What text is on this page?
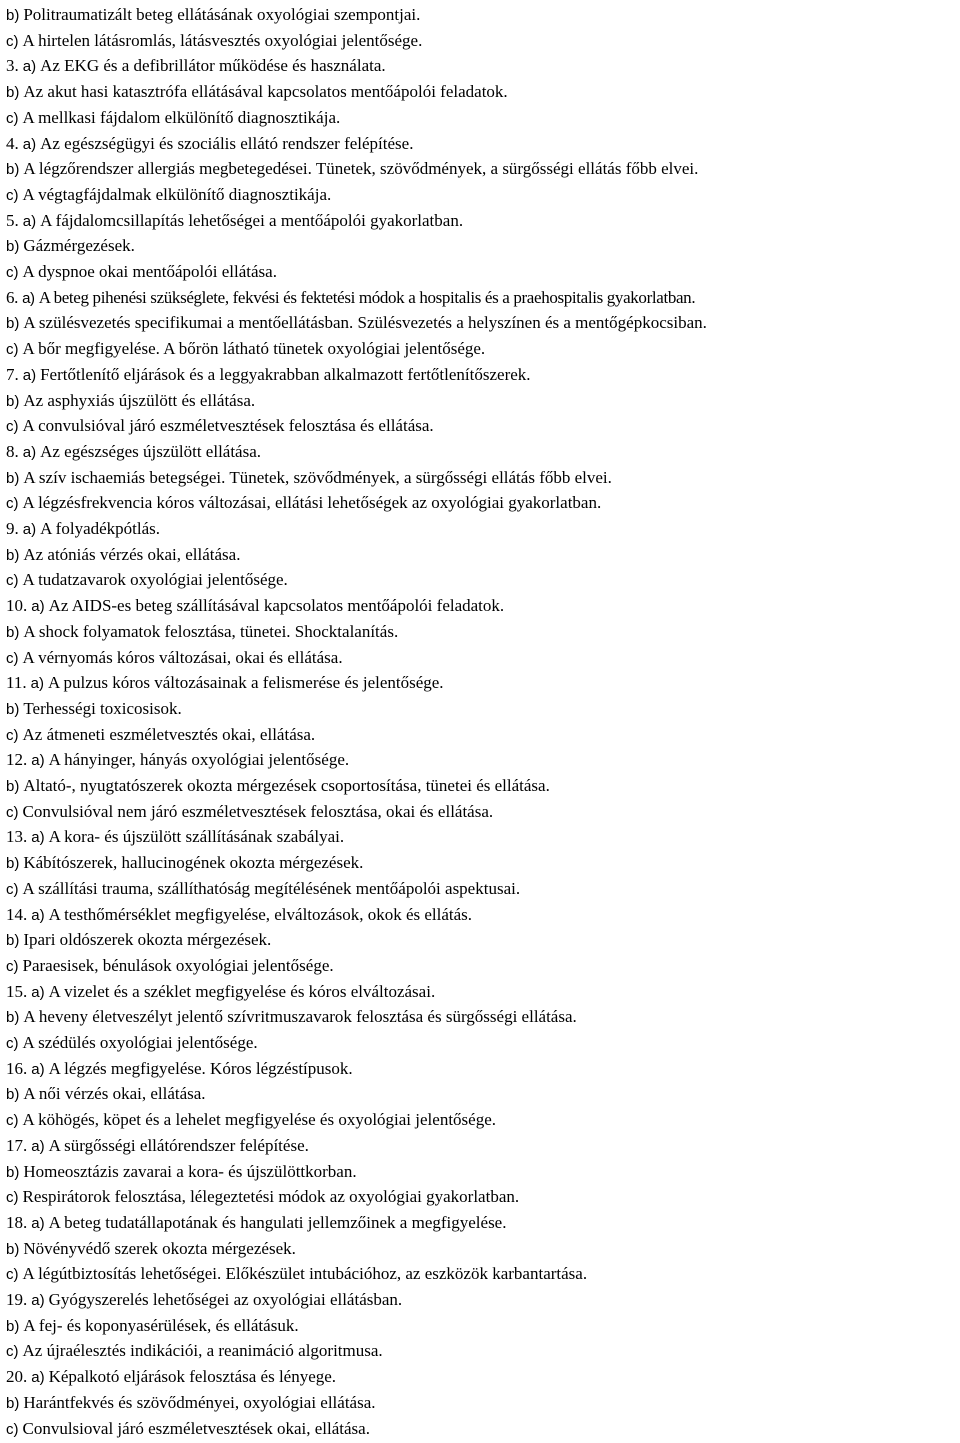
b) Politraumatizált beteg ellátásának oxyológiai szempontjai.
c) A hirtelen látásromlás, látásvesztés oxyológiai jelentősége.
3. a) Az EKG és a defibrillátor működése és használata.
b) Az akut hasi katasztrófa ellátásával kapcsolatos mentőápolói feladatok.
c) A mellkasi fájdalom elkülönítő diagnosztikája.
4. a) Az egészségügyi és szociális ellátó rendszer felépítése.
b) A légzőrendszer allergiás megbetegedései. Tünetek, szövődmények, a sürgősségi ellátás főbb elvei.
c) A végtagfájdalmak elkülönítő diagnosztikája.
5. a) A fájdalomcsillapítás lehetőségei a mentőápolói gyakorlatban.
b) Gázmérgezések.
c) A dyspnoe okai mentőápolói ellátása.
6. a) A beteg pihenési szükséglete, fekvési és fektetési módok a hospitalis és a praehospitalis gyakorlatban.
b) A szülésvezetés specifikumai a mentőellátásban. Szülésvezetés a helyszínen és a mentőgépkocsiban.
c) A bőr megfigyelése. A bőrön látható tünetek oxyológiai jelentősége.
7. a) Fertőtlenítő eljárások és a leggyakrabban alkalmazott fertőtlenítőszerek.
b) Az asphyxiás újszülött és ellátása.
c) A convulsióval járó eszméletvesztések felosztása és ellátása.
8. a) Az egészséges újszülött ellátása.
b) A szív ischaemiás betegségei. Tünetek, szövődmények, a sürgősségi ellátás főbb elvei.
c) A légzésfrekvencia kóros változásai, ellátási lehetőségek az oxyológiai gyakorlatban.
9. a) A folyadékpótlás.
b) Az atóniás vérzés okai, ellátása.
c) A tudatzavarok oxyológiai jelentősége.
10. a) Az AIDS-es beteg szállításával kapcsolatos mentőápolói feladatok.
b) A shock folyamatok felosztása, tünetei. Shocktalanítás.
c) A vérnyomás kóros változásai, okai és ellátása.
11. a) A pulzus kóros változásainak a felismerése és jelentősége.
b) Terhességi toxicosisok.
c) Az átmeneti eszméletvesztés okai, ellátása.
12. a) A hányinger, hányás oxyológiai jelentősége.
b) Altató-, nyugtatószerek okozta mérgezések csoportosítása, tünetei és ellátása.
c) Convulsióval nem járó eszméletvesztések felosztása, okai és ellátása.
13. a) A kora- és újszülött szállításának szabályai.
b) Kábítószerek, hallucinogének okozta mérgezések.
c) A szállítási trauma, szállíthatóság megítélésének mentőápolói aspektusai.
14. a) A testhőmérséklet megfigyelése, elváltozások, okok és ellátás.
b) Ipari oldószerek okozta mérgezések.
c) Paraesisek, bénulások oxyológiai jelentősége.
15. a) A vizelet és a széklet megfigyelése és kóros elváltozásai.
b) A heveny életveszélyt jelentő szívritmuszavarok felosztása és sürgősségi ellátása.
c) A szédülés oxyológiai jelentősége.
16. a) A légzés megfigyelése. Kóros légzéstípusok.
b) A női vérzés okai, ellátása.
c) A köhögés, köpet és a lehelet megfigyelése és oxyológiai jelentősége.
17. a) A sürgősségi ellátórendszer felépítése.
b) Homeosztázis zavarai a kora- és újszülöttkorban.
c) Respirátorok felosztása, lélegeztetési módok az oxyológiai gyakorlatban.
18. a) A beteg tudatállapotának és hangulati jellemzőinek a megfigyelése.
b) Növényvédő szerek okozta mérgezések.
c) A légútbiztosítás lehetőségei. Előkészület intubációhoz, az eszközök karbantartása.
19. a) Gyógyszerelés lehetőségei az oxyológiai ellátásban.
b) A fej- és koponyasérülések, és ellátásuk.
c) Az újraélesztés indikációi, a reanimáció algoritmusa.
20. a) Képalkotó eljárások felosztása és lényege.
b) Harántfekvés és szövődményei, oxyológiai ellátása.
c) Convulsioval járó eszméletvesztések okai, ellátása.
